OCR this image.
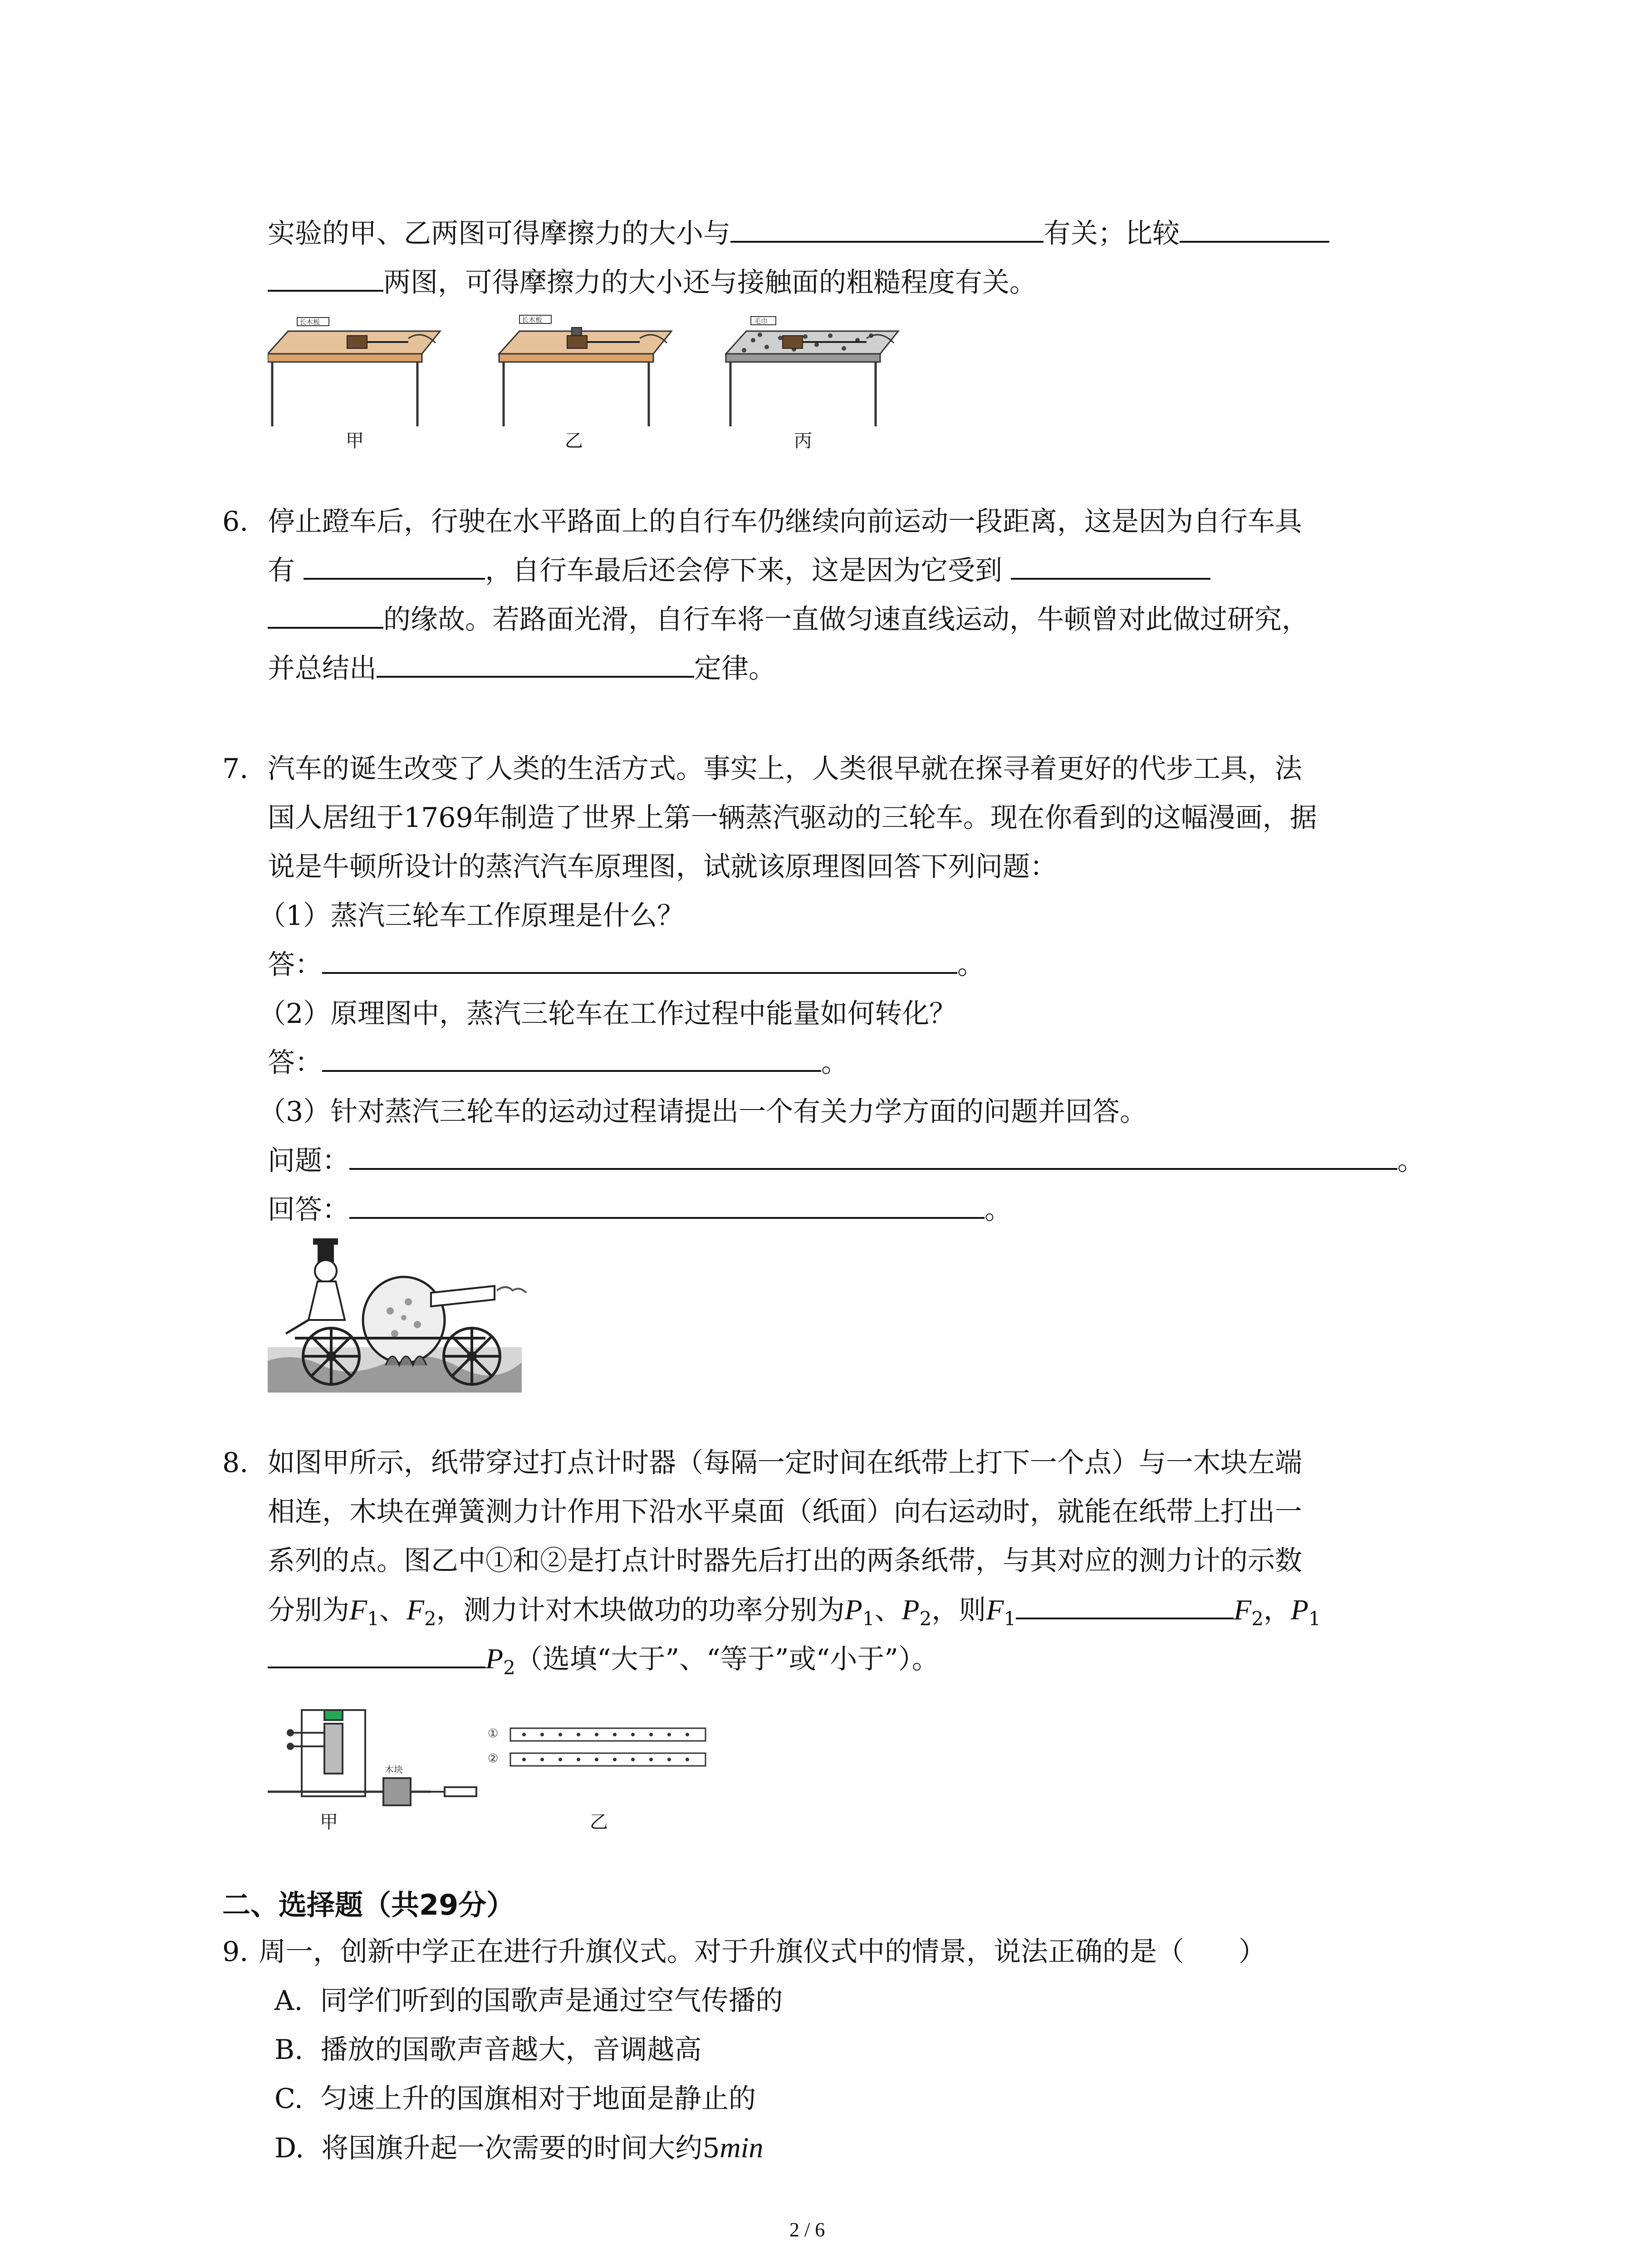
实验的甲、乙两图可得摩擦力的大小与	有关；比较
两图，可得摩擦力的大小还与接触面的粗糙程度有关。
长木板	长木板	毛巾
甲	乙	丙
6. 停止蹬车后，行驶在水平路面上的自行车仍继续向前运动一段距离，这是因为自行车具
有	，自行车最后还会停下来，这是因为它受到
的缘故。若路面光滑，自行车将一直做匀速直线运动，牛顿曾对此做过研究，
并总结出	定律。
7. 汽车的诞生改变了人类的生活方式。事实上，人类很早就在探寻着更好的代步工具，法
国人居纽于1769年制造了世界上第一辆蒸汽驱动的三轮车。现在你看到的这幅漫画，据
说是牛顿所设计的蒸汽汽车原理图，试就该原理图回答下列问题：
（1）蒸汽三轮车工作原理是什么？
答：	。
（2）原理图中，蒸汽三轮车在工作过程中能量如何转化？
答：	。
（3）针对蒸汽三轮车的运动过程请提出一个有关力学方面的问题并回答。
问题：	。
回答：	。
8. 如图甲所示，纸带穿过打点计时器（每隔一定时间在纸带上打下一个点）与一木块左端
相连，木块在弹簧测力计作用下沿水平桌面（纸面）向右运动时，就能在纸带上打出一
系列的点。图乙中①和②是打点计时器先后打出的两条纸带，与其对应的测力计的示数
分别为$F_1$、$F_2$，测力计对木块做功的功率分别为$P_1$、$P_2$，则$F_1$	$F_2$，$P_1$
$P_2$（选填“大于”、“等于”或“小于”）。
木块
①
②
甲	乙
二、选择题（共29分）
9. 周一，创新中学正在进行升旗仪式。对于升旗仪式中的情景，说法正确的是（　　）
A. 同学们听到的国歌声是通过空气传播的
B. 播放的国歌声音越大，音调越高
C. 匀速上升的国旗相对于地面是静止的
D. 将国旗升起一次需要的时间大约5min
2 / 6
